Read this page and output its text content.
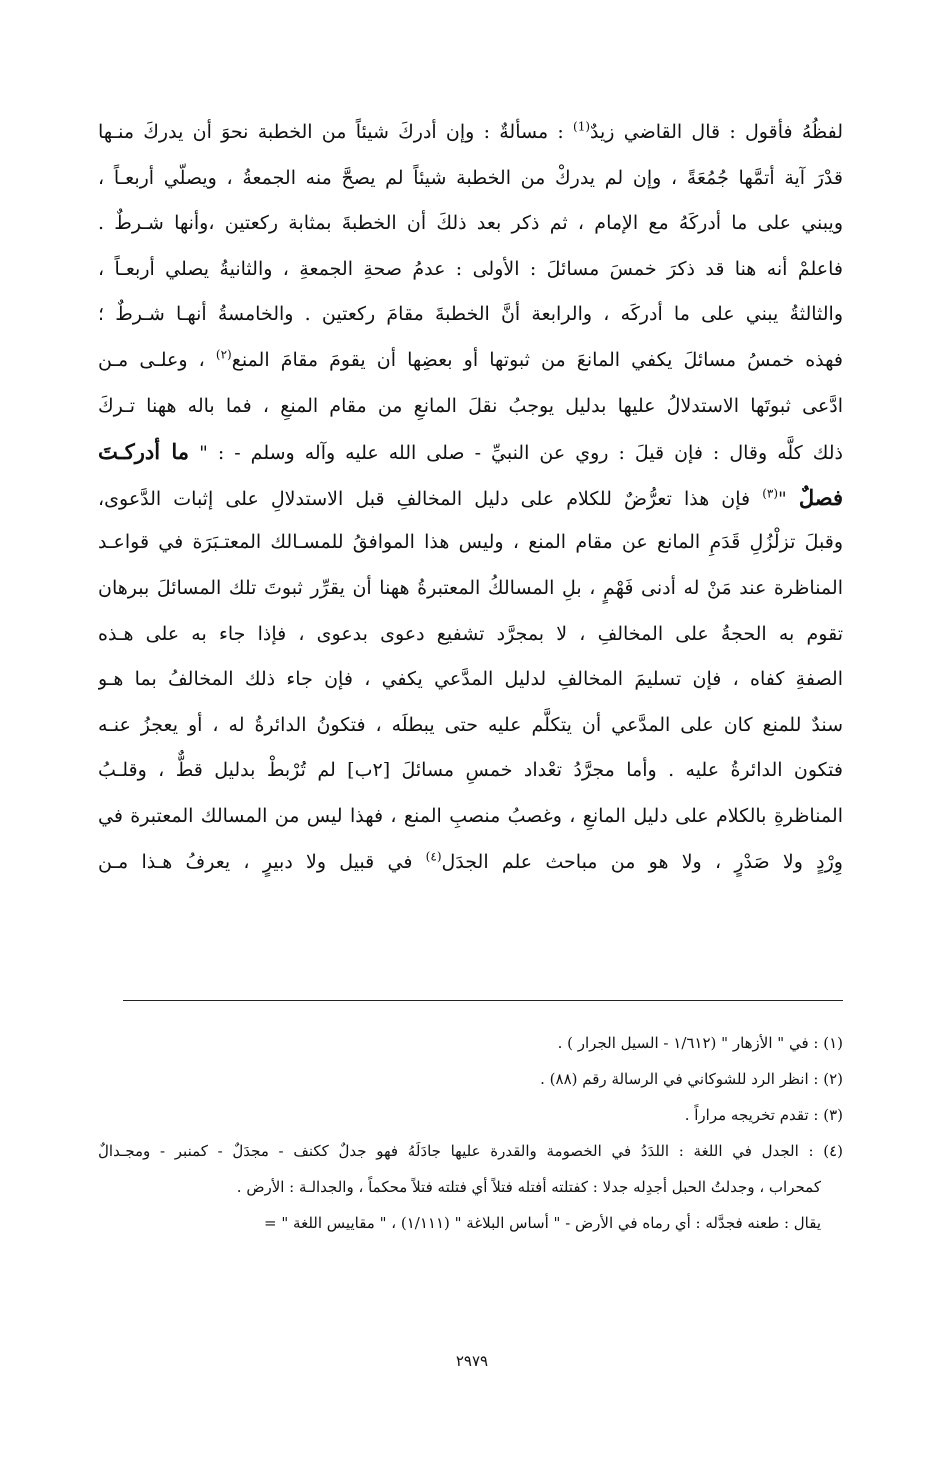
لفظُهُ فأقول : قال القاضي زيدٌ$^{(1)}$ : مسألةٌ : وإن أدركَ شيئاً من الخطبة نحوَ أن يدركَ منـها
قدْرَ آية أتمَّها جُمُعَةً ، وإن لم يدركْ من الخطبة شيئاً لم يصحَّ منه الجمعةُ ، ويصلّي أربعـاً ،
ويبني على ما أدركَهُ مع الإمام ، ثم ذكر بعد ذلكَ أن الخطبةَ بمثابة ركعتين ،وأنها شـرطٌ .
فاعلمْ أنه هنا قد ذكرَ خمسَ مسائلَ : الأولى : عدمُ صحةِ الجمعةِ ، والثانيةُ يصلي أربعـاً ،
والثالثةُ يبني على ما أدركَه ، والرابعة أنَّ الخطبةَ مقامَ ركعتين . والخامسةُ أنهـا شـرطٌ ؛
فهذه خمسُ مسائلَ يكفي المانعَ من ثبوتها أو بعضِها أن يقومَ مقامَ المنع$^{(٢)}$ ، وعلـى مـن
ادَّعى ثبوتَها الاستدلالُ عليها بدليل يوجبُ نقلَ المانعِ من مقام المنعِ ، فما باله ههنا تـركَ
ذلك كلَّه وقال : فإن قيلَ : روي عن النبيِّ - صلى الله عليه وآله وسلم - : " ما أدركـتَ
فصلٌ "$^{(٣)}$ فإن هذا تعرُّضٌ للكلام على دليل المخالفِ قبل الاستدلالِ على إثبات الدَّعوى،
وقبلَ تزلْزُلِ قَدَمِ المانع عن مقام المنع ، وليس هذا الموافقُ للمسـالك المعتـبَرَة في قواعـد
المناظرة عند مَنْ له أدنى فَهْمٍ ، بلِ المسالكُ المعتبرةُ ههنا أن يقرِّر ثبوتَ تلك المسائلَ ببرهان
تقوم به الحجةُ على المخالفِ ، لا بمجرَّد تشفيع دعوى بدعوى ، فإذا جاء به على هـذه
الصفةِ كفاه ، فإن تسليمَ المخالفِ لدليل المدَّعي يكفي ، فإن جاء ذلك المخالفُ بما هـو
سندٌ للمنع كان على المدَّعي أن يتكلَّم عليه حتى يبطلَه ، فتكونُ الدائرةُ له ، أو يعجزُ عنـه
فتكون الدائرةُ عليه . وأما مجرَّدُ تعْداد خمسِ مسائلَ [٢ب] لم تُرْبطْ بدليل قطٌّ ، وقلـبُ
المناظرةِ بالكلام على دليل المانعِ ، وغصبُ منصبِ المنع ، فهذا ليس من المسالك المعتبرة في
وِرْدٍ ولا صَدْرٍ ، ولا هو من مباحث علم الجدَل$^{(٤)}$ في قبيل ولا دبيرٍ ، يعرفُ هـذا مـن
(١) : في " الأزهار " (١/٦١٢ - السيل الجرار ) .
(٢) : انظر الرد للشوكاني في الرسالة رقم (٨٨) .
(٣) : تقدم تخريجه مراراً .
(٤) : الجدل في اللغة : اللدَدُ في الخصومة والقدرة عليها جادَلَهُ فهو جدلٌ ككنف - مجدَلٌ - كمنبر - ومجـدالٌ
كمحراب ، وجدلتُ الحبل أجدِله جدلا : كفتلته أفتله فتلاً أي فتلته فتلاً محكماً ، والجدالـة : الأرض .
يقال : طعنه فجدَّله : أي رماه في الأرض - " أساس البلاغة " (١/١١١) ، " مقاييس اللغة " =
٢٩٧٩
